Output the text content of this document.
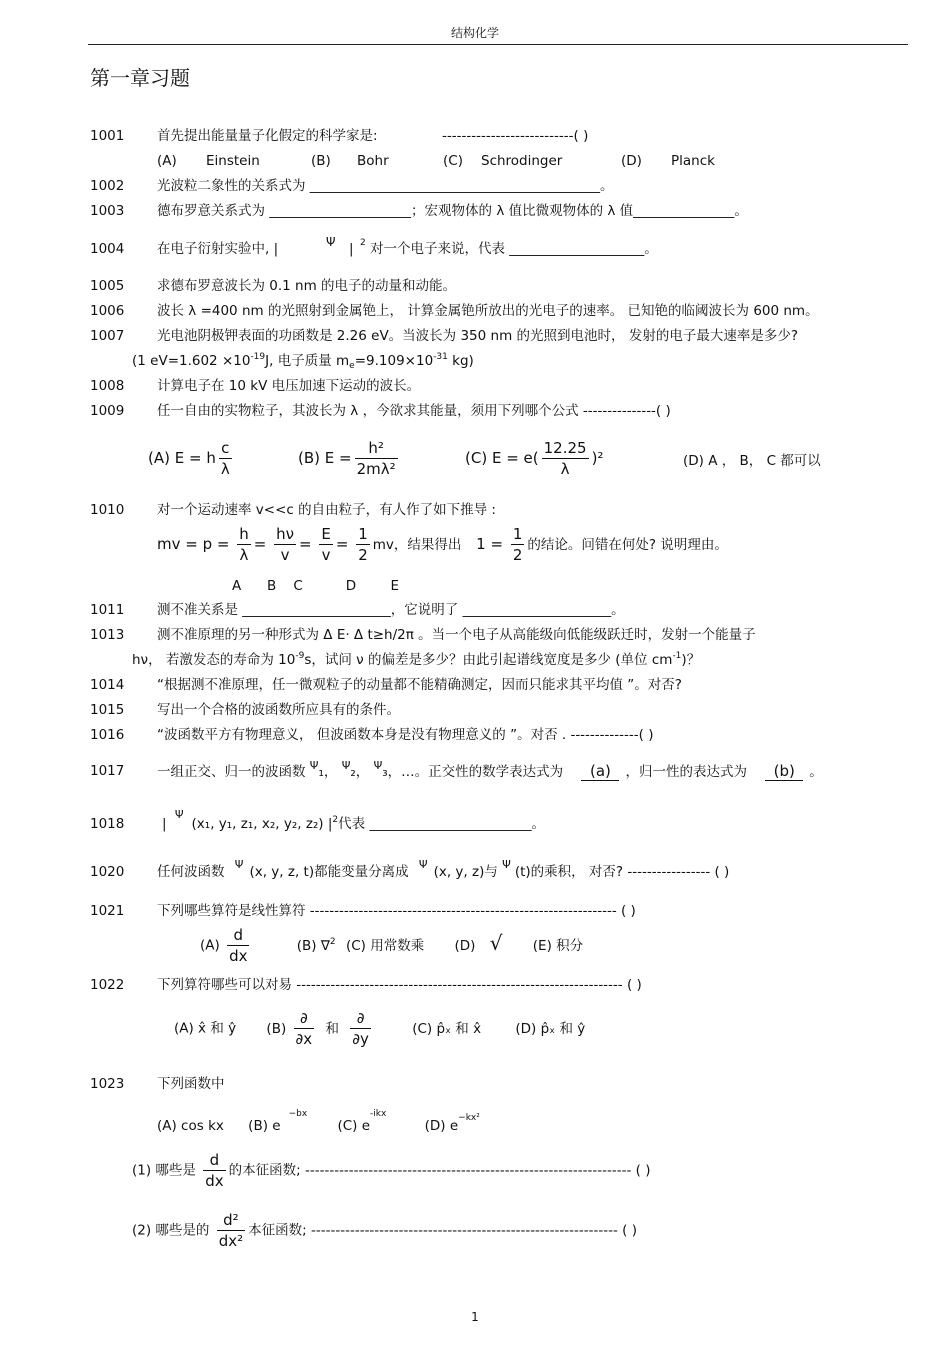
结构化学
第一章习题
1001 首先提出能量量子化假定的科学家是:	---------------------------( )
(A) Einstein	(B) Bohr	(C) Schrodinger	(D) Planck
1002 光波粒二象性的关系式为 ___________________________________________。
1003 德布罗意关系式为 _____________________；宏观物体的 λ 值比微观物体的 λ 值_______________。
1004 在电子衍射实验中, |	Ψ | 2 对一个电子来说，代表 ____________________。
1005 求德布罗意波长为 0.1 nm 的电子的动量和动能。
1006 波长 λ =400 nm 的光照射到金属铯上， 计算金属铯所放出的光电子的速率。 已知铯的临阈波长为 600 nm。
1007 光电池阴极钾表面的功函数是 2.26 eV。当波长为 350 nm 的光照到电池时， 发射的电子最大速率是多少?
(1 $eV=1.602 \times 10^{-19}J$, 电子质量 $m_e=9.109\times 10^{-31}$ kg)
1008 计算电子在 10 kV 电压加速下运动的波长。
1009 任一自由的实物粒子，其波长为 λ ，今欲求其能量，须用下列哪个公式 ---------------( )
(A) E = h $\frac{c}{\lambda}$	(B) $E = \frac{\text{h²}}{\text{2mλ²}}$	(C) $E = e( \frac{12.25}{\lambda} )^2$	(D) A ， B， C 都可以
1010 对一个运动速率 v<<c 的自由粒子，有人作了如下推导 :
mv = $p = \frac{h}{\lambda} = \frac{h\nu}{v} = \frac{E}{v} = \frac{1}{2}$ mv，结果得出 $1 = \frac{1}{2}$ 的结论。问错在何处? 说明理由。
A      B    C          D        E
1011 测不准关系是 ______________________，它说明了 ______________________。
1013 测不准原理的另一种形式为 Δ E· Δ t≥h/2π 。当一个电子从高能级向低能级跃迁时，发射一个能量子
hν， 若激发态的寿命为 $10^{-9}s$，试问 ν 的偏差是多少？由此引起谱线宽度是多少 (单位 $cm^{-1}$)？
1014 “根据测不准原理，任一微观粒子的动量都不能精确测定，因而只能求其平均值 ”。对否?
1015 写出一个合格的波函数所应具有的条件。
1016 “波函数平方有物理意义， 但波函数本身是没有物理意义的 ”。对否 . --------------( )
1017 一组正交、归一的波函数 $^\Psi$₁， $^\Psi$₂， $^\Psi$₃，…。正交性的数学表达式为 (a) ，归一性的表达式为 (b) 。
1018	| $^\Psi$(x₁, y₁, z₁, x₂, y₂, z₂) $|^2$代表 ________________________。
1020 任何波函数 $^\Psi$ (x, y, z, t)都能变量分离成 $^\Psi$ (x, y, z)与 $^\Psi$ (t)的乘积， 对否? ----------------- ( )
1021 下列哪些算符是线性算符 --------------------------------------------------------------- ( )
$(A) \frac{d}{dx}$	(B) ∇$^2$ (C) 用常数乘 (D) √ (E) 积分
1022 下列算符哪些可以对易 ------------------------------------------------------------------- ( )
(A) x̂ 和 ŷ $(B) \frac{\partial}{\partial x}$ 和 $\frac{\partial}{\partial y}$	(C) p̂ₓ 和 x̂	(D) p̂ₓ 和 ŷ
1023 下列函数中
(A) cos kx (B) $e^{-bx}$ (C) $e^{-ikx}$ (D) $e^{-kx^2}$
(1) 哪些是 $\frac{d}{dx}$ 的本征函数; ------------------------------------------------------------------- ( )
(2) 哪些是的 $\frac{\text{d²}}{\text{dx²}}$ 本征函数; --------------------------------------------------------------- ( )
1
